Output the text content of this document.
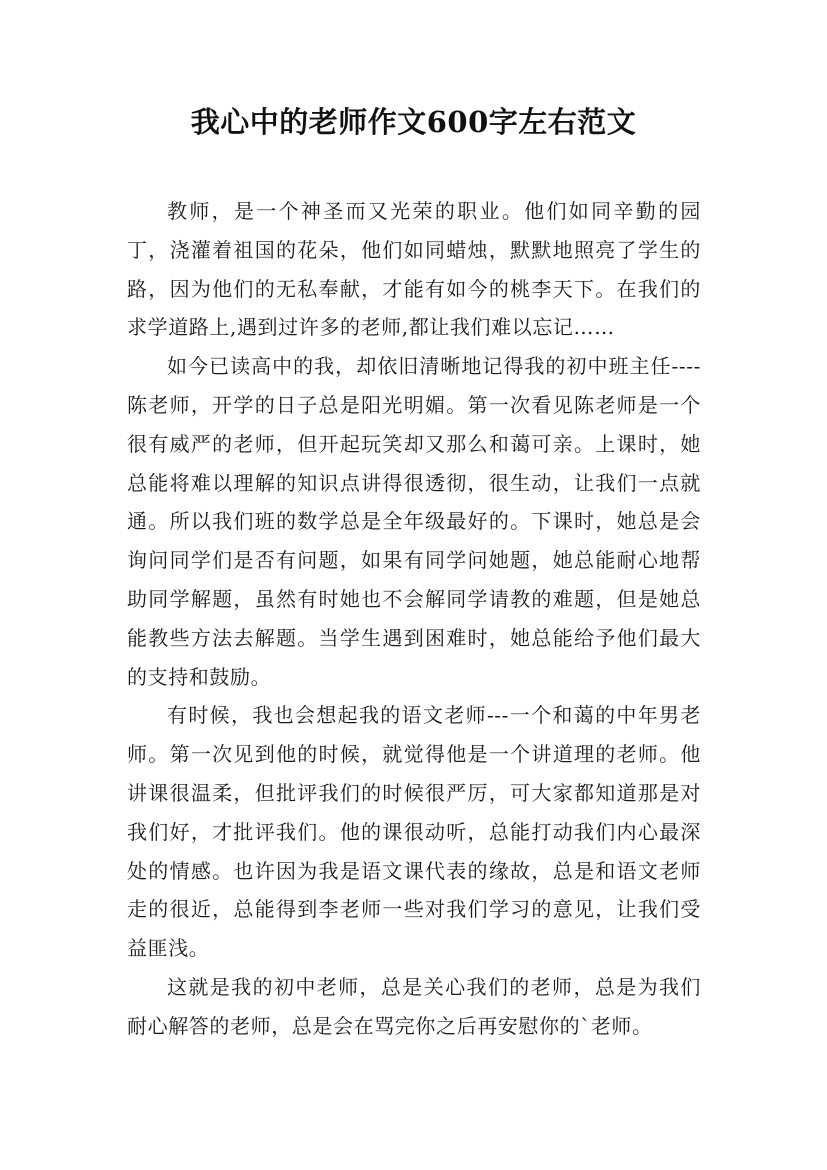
我心中的老师作文600字左右范文

教师，是一个神圣而又光荣的职业。他们如同辛勤的园丁，浇灌着祖国的花朵，他们如同蜡烛，默默地照亮了学生的路，因为他们的无私奉献，才能有如今的桃李天下。在我们的求学道路上,遇到过许多的老师,都让我们难以忘记……

如今已读高中的我，却依旧清晰地记得我的初中班主任----陈老师，开学的日子总是阳光明媚。第一次看见陈老师是一个很有威严的老师，但开起玩笑却又那么和蔼可亲。上课时，她总能将难以理解的知识点讲得很透彻，很生动，让我们一点就通。所以我们班的数学总是全年级最好的。下课时，她总是会询问同学们是否有问题，如果有同学问她题，她总能耐心地帮助同学解题，虽然有时她也不会解同学请教的难题，但是她总能教些方法去解题。当学生遇到困难时，她总能给予他们最大的支持和鼓励。

有时候，我也会想起我的语文老师---一个和蔼的中年男老师。第一次见到他的时候，就觉得他是一个讲道理的老师。他讲课很温柔，但批评我们的时候很严厉，可大家都知道那是对我们好，才批评我们。他的课很动听，总能打动我们内心最深处的情感。也许因为我是语文课代表的缘故，总是和语文老师走的很近，总能得到李老师一些对我们学习的意见，让我们受益匪浅。

这就是我的初中老师，总是关心我们的老师，总是为我们耐心解答的老师，总是会在骂完你之后再安慰你的`老师。
